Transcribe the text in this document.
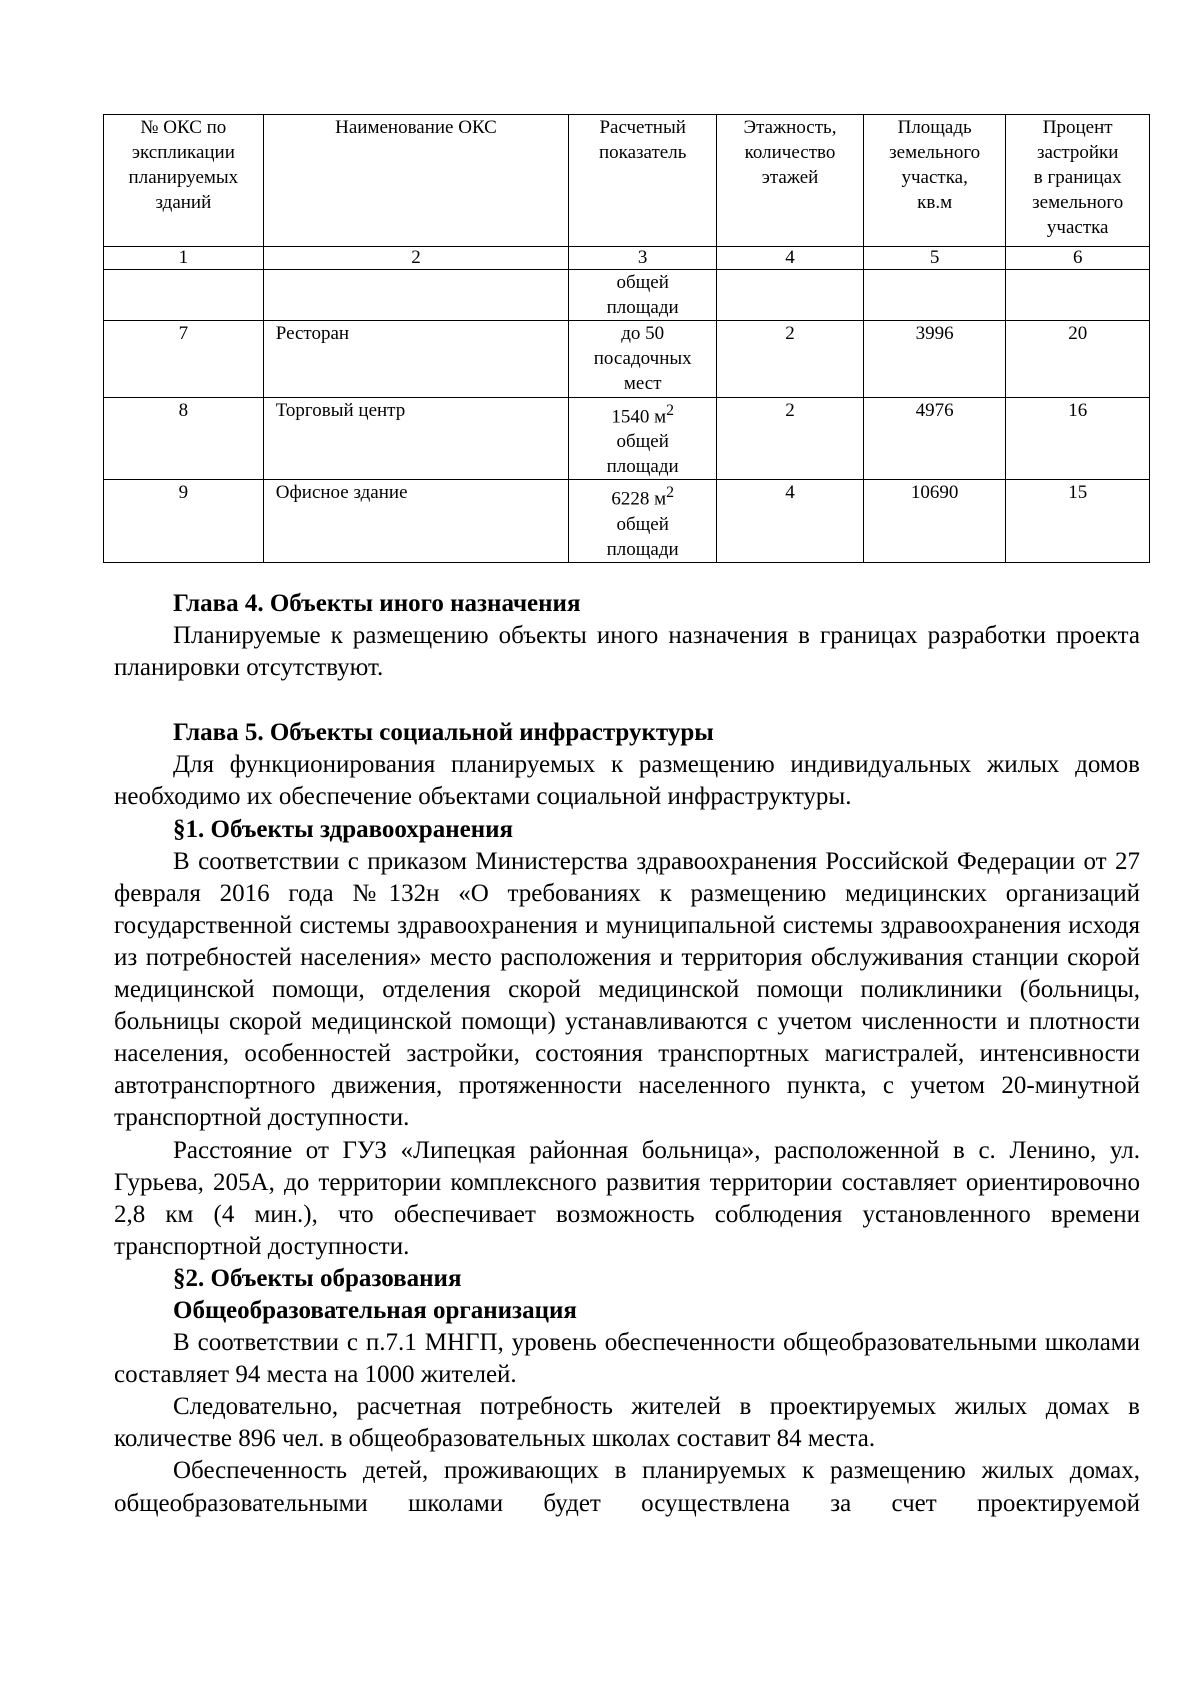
№ ОКС по
экспликации
планируемых
зданий	Наименование ОКС	Расчетный
показатель	Этажность,
количество
этажей	Площадь
земельного
участка,
кв.м	Процент
застройки
в границах
земельного
участка
1	2	3	4	5	6
		общей
площади			
7	Ресторан	до 50
посадочных
мест	2	3996	20
8	Торговый центр	1540 $м^2$
общей
площади	2	4976	16
9	Офисное здание	6228 $м^2$
общей
площади	4	10690	15

Глава 4. Объекты иного назначения

Планируемые к размещению объекты иного назначения в границах разработки проекта планировки отсутствуют.

Глава 5. Объекты социальной инфраструктуры

Для функционирования планируемых к размещению индивидуальных жилых домов необходимо их обеспечение объектами социальной инфраструктуры.

§1. Объекты здравоохранения

В соответствии с приказом Министерства здравоохранения Российской Федерации от 27 февраля 2016 года №132н «О требованиях к размещению медицинских организаций государственной системы здравоохранения и муниципальной системы здравоохранения исходя из потребностей населения» место расположения и территория обслуживания станции скорой медицинской помощи, отделения скорой медицинской помощи поликлиники (больницы, больницы скорой медицинской помощи) устанавливаются с учетом численности и плотности населения, особенностей застройки, состояния транспортных магистралей, интенсивности автотранспортного движения, протяженности населенного пункта, с учетом 20-минутной транспортной доступности.

Расстояние от ГУЗ «Липецкая районная больница», расположенной в с. Ленино, ул. Гурьева, 205А, до территории комплексного развития территории составляет ориентировочно 2,8 км (4 мин.), что обеспечивает возможность соблюдения установленного времени транспортной доступности.

§2. Объекты образования

Общеобразовательная организация

В соответствии с п.7.1 МНГП, уровень обеспеченности общеобразовательными школами составляет 94 места на 1000 жителей.

Следовательно, расчетная потребность жителей в проектируемых жилых домах в количестве 896 чел. в общеобразовательных школах составит 84 места.

Обеспеченность детей, проживающих в планируемых к размещению жилых домах, общеобразовательными школами будет осуществлена за счет проектируемой
